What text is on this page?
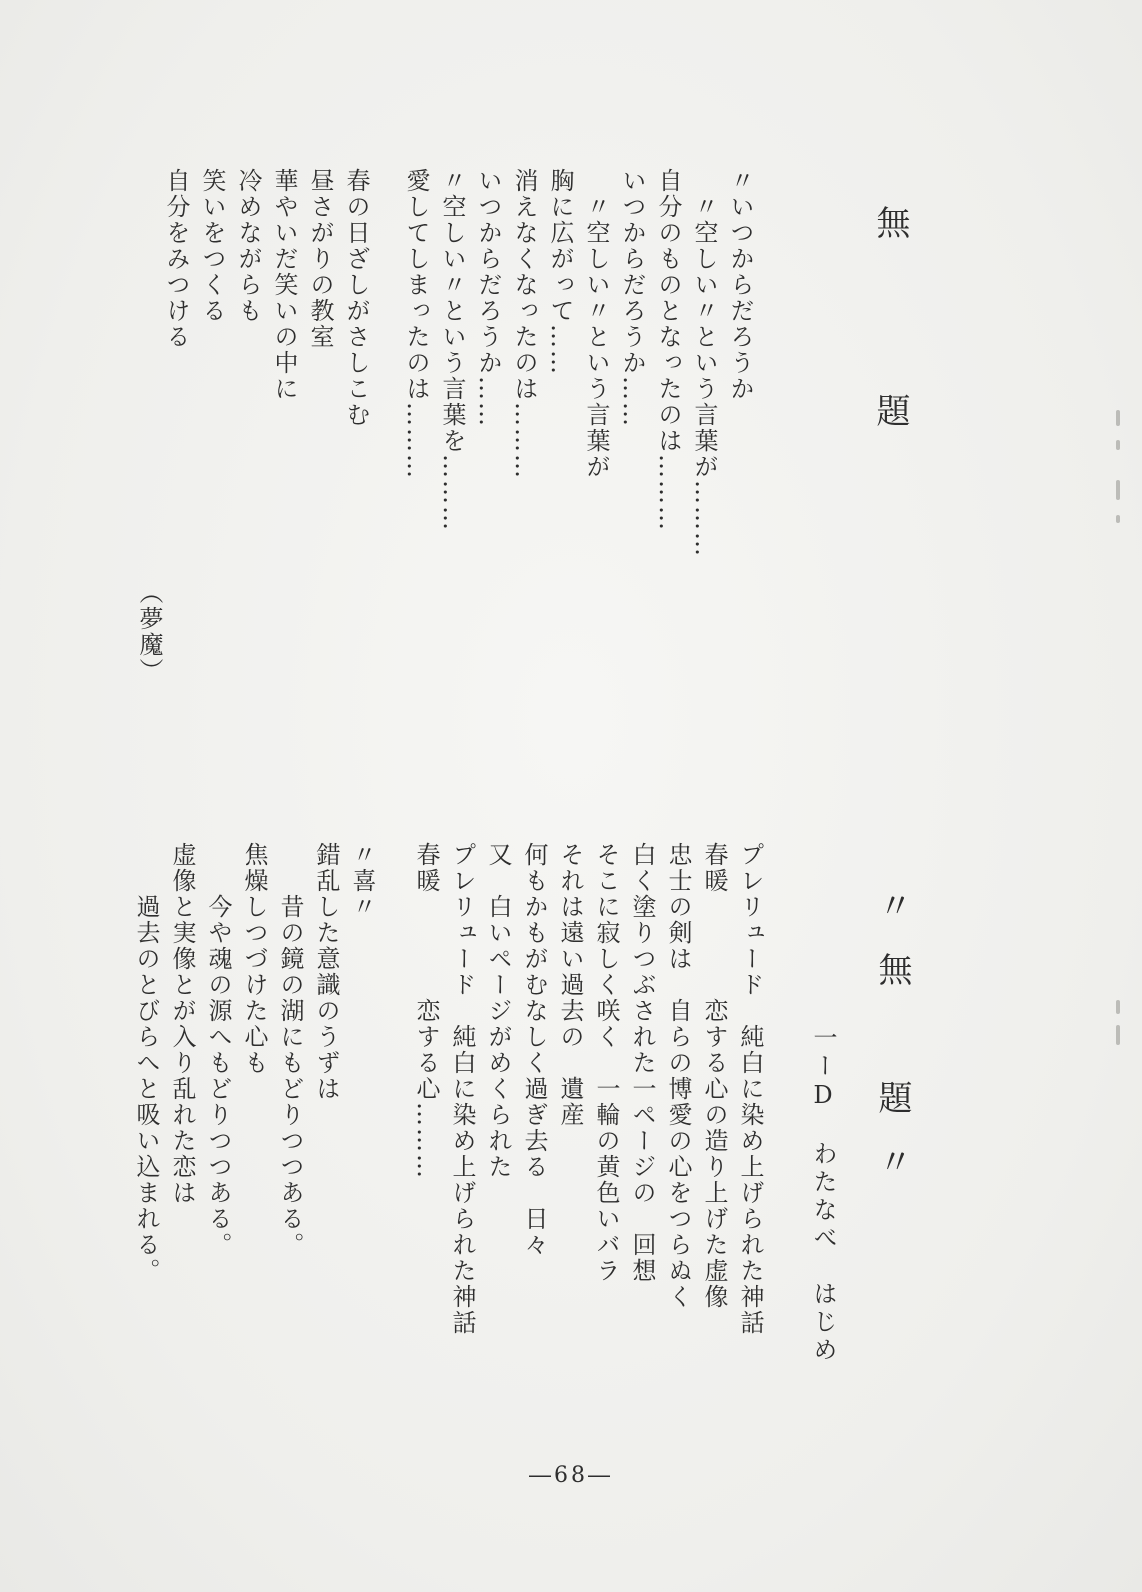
無　題
〃いつからだろうか
　〃空しい〃という言葉が………
自分のものとなったのは………
いつからだろうか……
　〃空しい〃という言葉が
胸に広がって……
消えなくなったのは………
いつからだろうか……
〃空しい〃という言葉を………
愛してしまったのは………
春の日ざしがさしこむ
昼さがりの教室
華やいだ笑いの中に
冷めながらも
笑いをつくる
自分をみつける
（夢魔）
〃無　題〃
一ーD　わたなべ　はじめ
プレリュード　純白に染め上げられた神話
春暖　　　　恋する心の造り上げた虚像
忠士の剣は　自らの博愛の心をつらぬく
白く塗りつぶされた一ページの　回想
そこに寂しく咲く　一輪の黄色いバラ
それは遠い過去の　遺産
何もかもがむなしく過ぎ去る　日々
又　白いページがめくられた
プレリュード　純白に染め上げられた神話
春暖　　　　恋する心………
〃喜〃
錯乱した意識のうずは
　　昔の鏡の湖にもどりつつある。
焦燥しつづけた心も
　　今や魂の源へもどりつつある。
虚像と実像とが入り乱れた恋は
　　過去のとびらへと吸い込まれる。
―68―
